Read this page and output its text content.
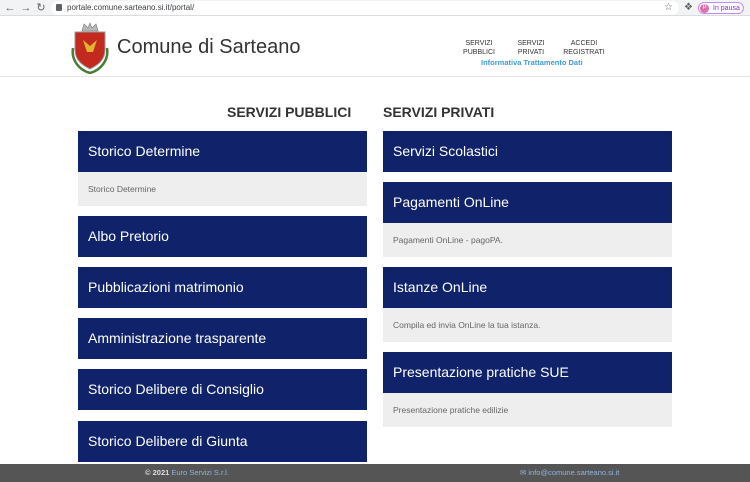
← → ↻	portale.comune.sarteano.si.it/portal/	☆ ❖	P In pausa
Comune di Sarteano	SERVIZI
PUBBLICI
SERVIZI
PRIVATI
ACCEDI
REGISTRATI
Informativa Trattamento Dati
SERVIZI PUBBLICI SERVIZI PRIVATI
Storico Determine
Storico Determine
Albo Pretorio
Pubblicazioni matrimonio
Amministrazione trasparente
Storico Delibere di Consiglio
Storico Delibere di Giunta
Servizi Scolastici
Pagamenti OnLine
Pagamenti OnLine - pagoPA.
Istanze OnLine
Compila ed invia OnLine la tua istanza.
Presentazione pratiche SUE
Presentazione pratiche edilizie
© 2021 Euro Servizi S.r.l.	✉ info@comune.sarteano.si.it
